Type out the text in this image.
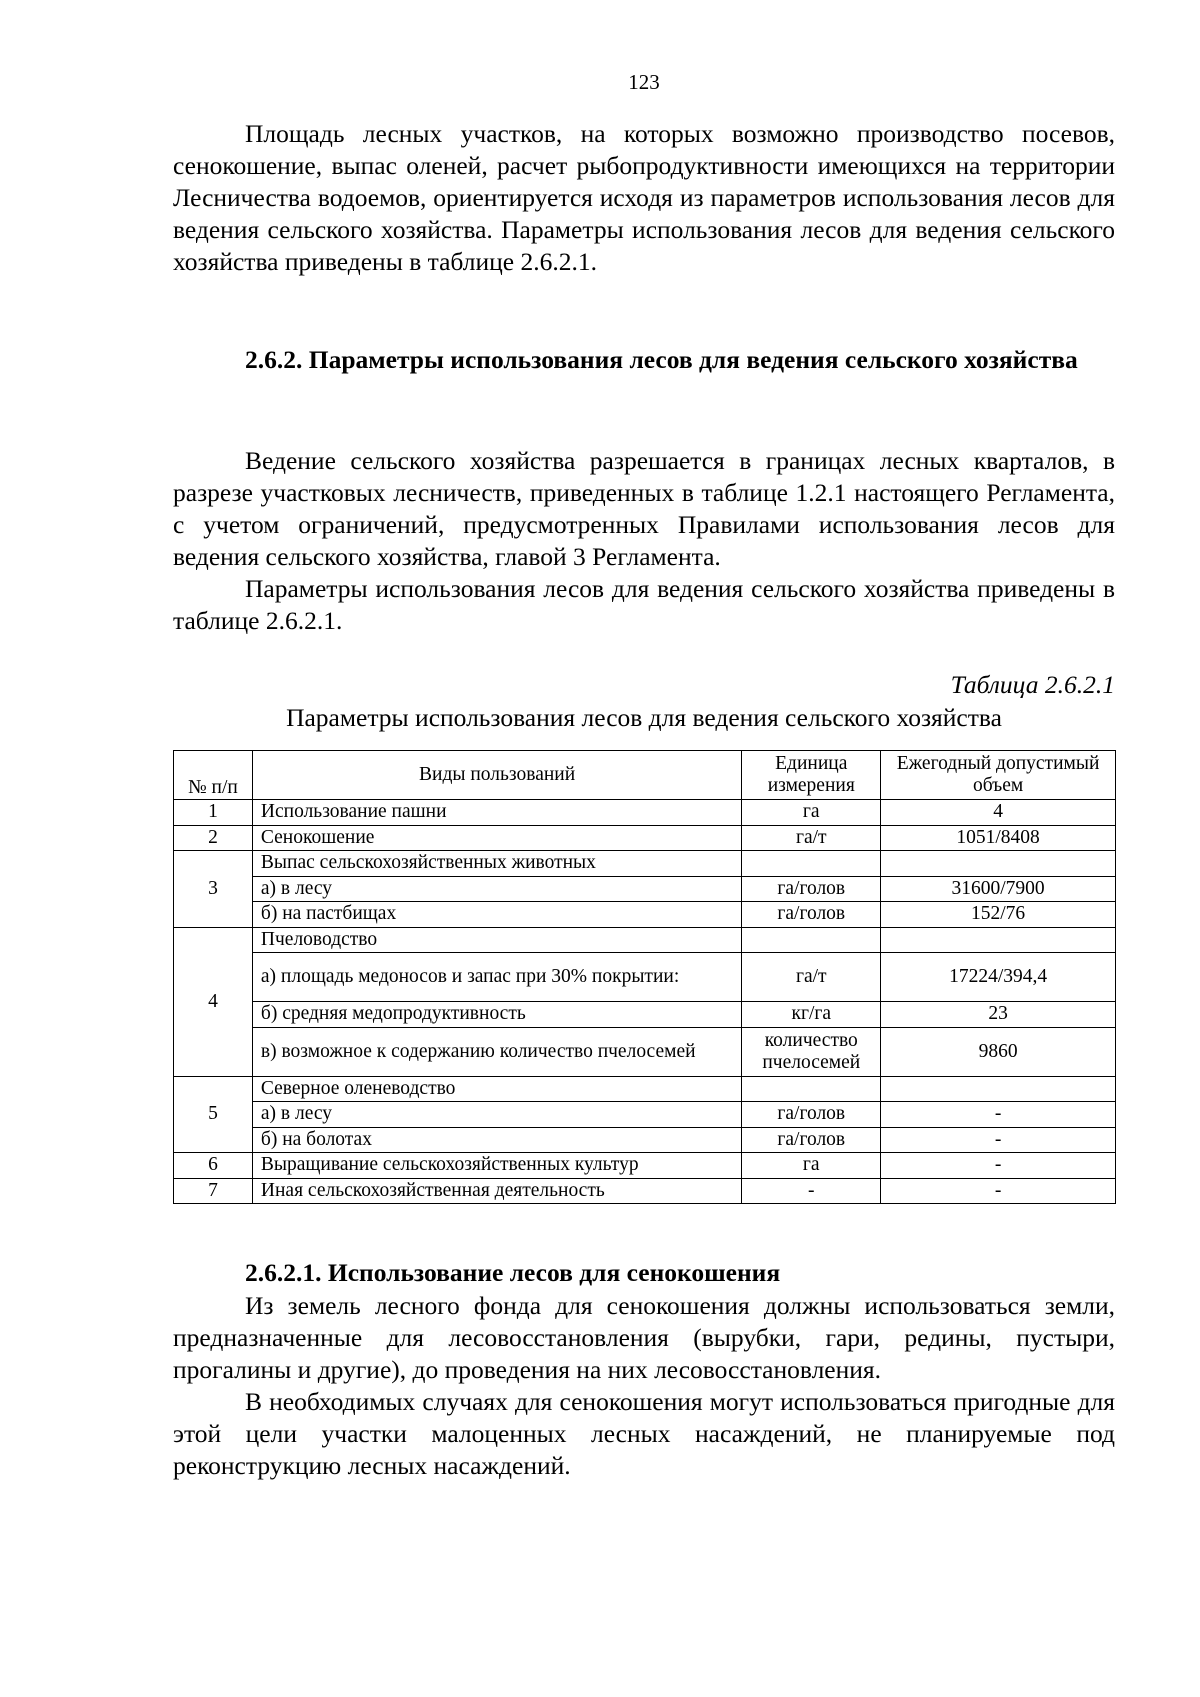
123

Площадь лесных участков, на которых возможно производство посевов, сенокошение, выпас оленей, расчет рыбопродуктивности имеющихся на территории Лесничества водоемов, ориентируется исходя из параметров использования лесов для ведения сельского хозяйства. Параметры использования лесов для ведения сельского хозяйства приведены в таблице 2.6.2.1.

2.6.2. Параметры использования лесов для ведения сельского хозяйства

Ведение сельского хозяйства разрешается в границах лесных кварталов, в разрезе участковых лесничеств, приведенных в таблице 1.2.1 настоящего Регламента, с учетом ограничений, предусмотренных Правилами использования лесов для ведения сельского хозяйства, главой 3 Регламента.

Параметры использования лесов для ведения сельского хозяйства приведены в таблице 2.6.2.1.

Таблица 2.6.2.1
Параметры использования лесов для ведения сельского хозяйства
№ п/п	Виды пользований	Единица измерения	Ежегодный допустимый объем
1	Использование пашни	га	4
2	Сенокошение	га/т	1051/8408
3	Выпас сельскохозяйственных животных		
	а) в лесу	га/голов	31600/7900
	б) на пастбищах	га/голов	152/76
4	Пчеловодство		
	а) площадь медоносов и запас при 30% покрытии:	га/т	17224/394,4
	б) средняя медопродуктивность	кг/га	23
	в) возможное к содержанию количество пчелосемей	количество пчелосемей	9860
5	Северное оленеводство		
	а) в лесу	га/голов	-
	б) на болотах	га/голов	-
6	Выращивание сельскохозяйственных культур	га	-
7	Иная сельскохозяйственная деятельность	-	-

2.6.2.1. Использование лесов для сенокошения

Из земель лесного фонда для сенокошения должны использоваться земли, предназначенные для лесовосстановления (вырубки, гари, редины, пустыри, прогалины и другие), до проведения на них лесовосстановления.

В необходимых случаях для сенокошения могут использоваться пригодные для этой цели участки малоценных лесных насаждений, не планируемые под реконструкцию лесных насаждений.
